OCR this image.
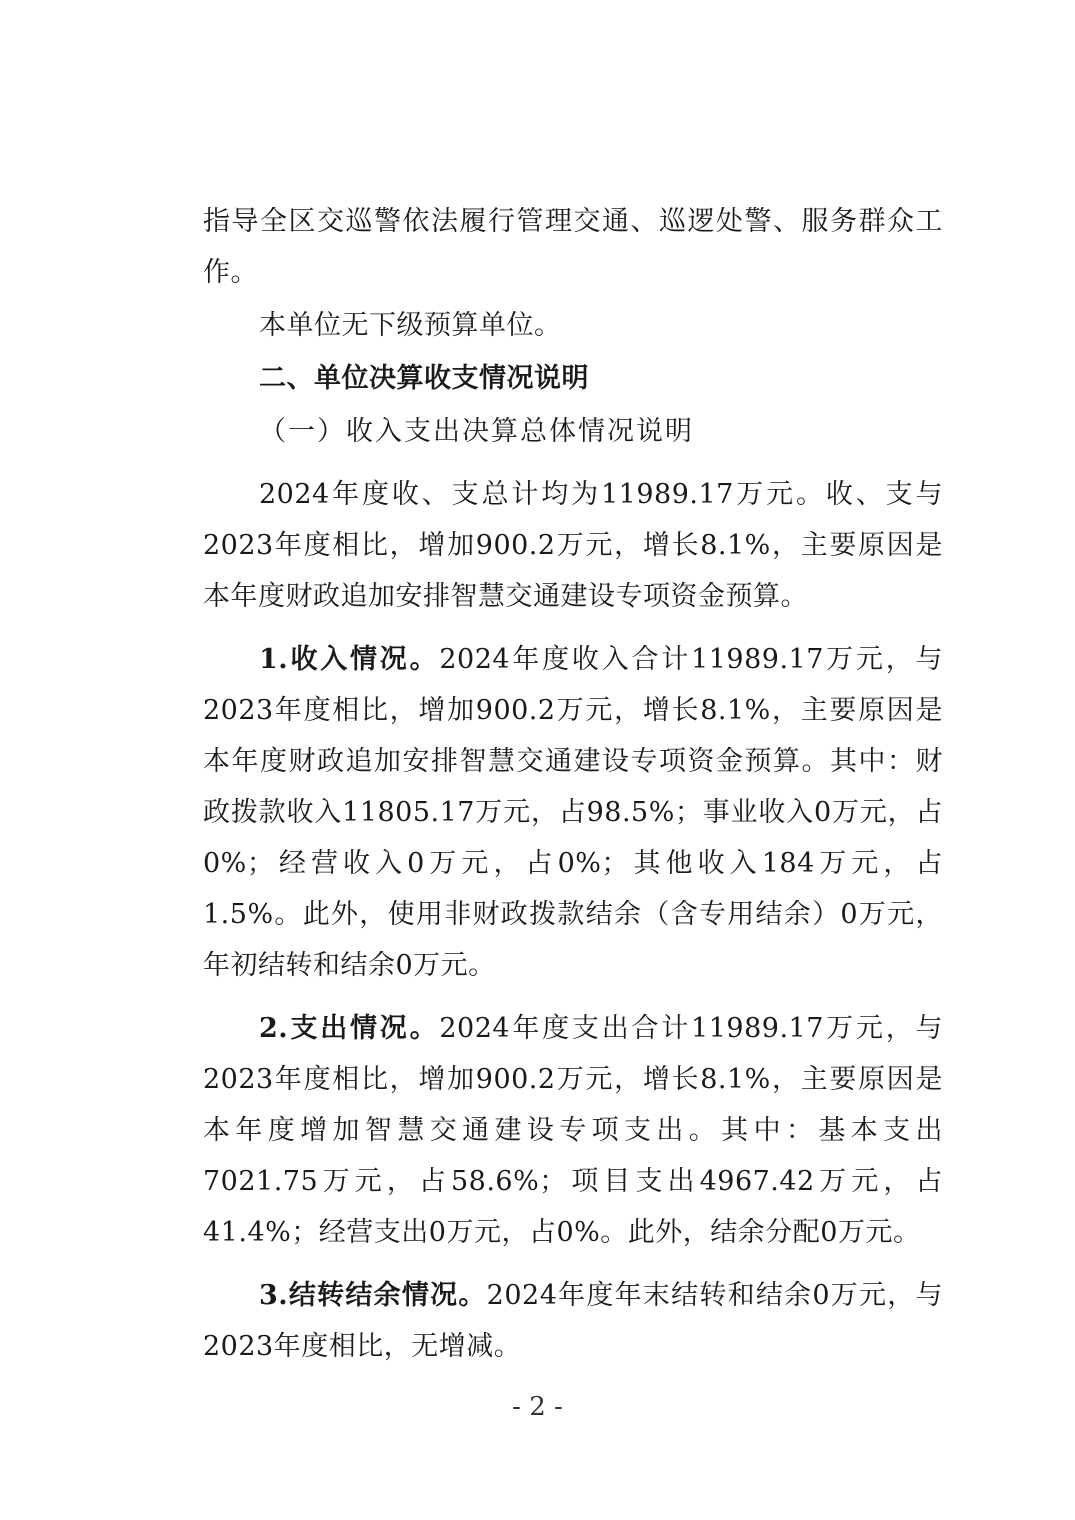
指导全区交巡警依法履行管理交通、巡逻处警、服务群众工作。

本单位无下级预算单位。

二、单位决算收支情况说明

（一）收入支出决算总体情况说明

2024年度收、支总计均为11989.17万元。收、支与2023年度相比，增加900.2万元，增长8.1%，主要原因是本年度财政追加安排智慧交通建设专项资金预算。

1.收入情况。2024年度收入合计11989.17万元，与2023年度相比，增加900.2万元，增长8.1%，主要原因是本年度财政追加安排智慧交通建设专项资金预算。其中：财政拨款收入11805.17万元，占98.5%；事业收入0万元，占0%；经营收入0万元，占0%；其他收入184万元，占1.5%。此外，使用非财政拨款结余（含专用结余）0万元，年初结转和结余0万元。

2.支出情况。2024年度支出合计11989.17万元，与2023年度相比，增加900.2万元，增长8.1%，主要原因是本年度增加智慧交通建设专项支出。其中：基本支出7021.75万元，占58.6%；项目支出4967.42万元，占41.4%；经营支出0万元，占0%。此外，结余分配0万元。

3.结转结余情况。2024年度年末结转和结余0万元，与2023年度相比，无增减。

- 2 -
